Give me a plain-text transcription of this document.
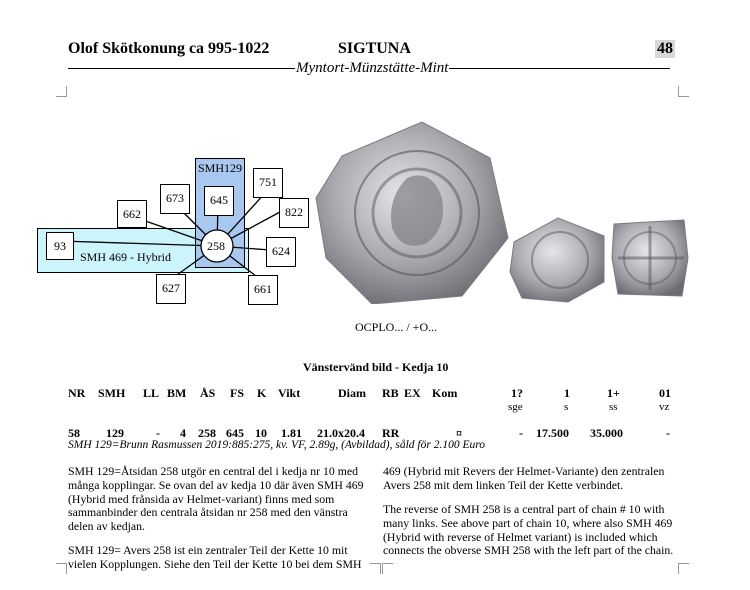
Olof Skötkonung ca 995-1022	SIGTUNA	48
Myntort-Münzstätte-Mint
SMH129
SMH 469 - Hybrid
258
93
645
673
662
751
822
624
661
627
OCPLO... / +O...
Vänstervänd bild - Kedja 10
NR SMH LL BM ÅS FS K Vikt	Diam RB EX Kom	1?	1	1+	01
sge	s	ss	vz
58 129	- 4 258 645 10 1.81 21.0x20.4 RR	¤	- 17.500 35.000	-
SMH 129=Brunn Rasmussen 2019:885:275, kv. VF, 2.89g, (Avbildad), såld för 2.100 Euro
SMH 129=Åtsidan 258 utgör en central del i kedja nr 10 med många kopplingar. Se ovan del av kedja 10 där även SMH 469 (Hybrid med frånsida av Helmet-variant) finns med som sammanbinder den centrala åtsidan nr 258 med den vänstra delen av kedjan.
SMH 129= Avers 258 ist ein zentraler Teil der Kette 10 mit vielen Kopplungen. Siehe den Teil der Kette 10 bei dem SMH
469 (Hybrid mit Revers der Helmet-Variante) den zentralen Avers 258 mit dem linken Teil der Kette verbindet.
The reverse of SMH 258 is a central part of chain # 10 with many links. See above part of chain 10, where also SMH 469 (Hybrid with reverse of Helmet variant) is included which connects the obverse SMH 258 with the left part of the chain.
